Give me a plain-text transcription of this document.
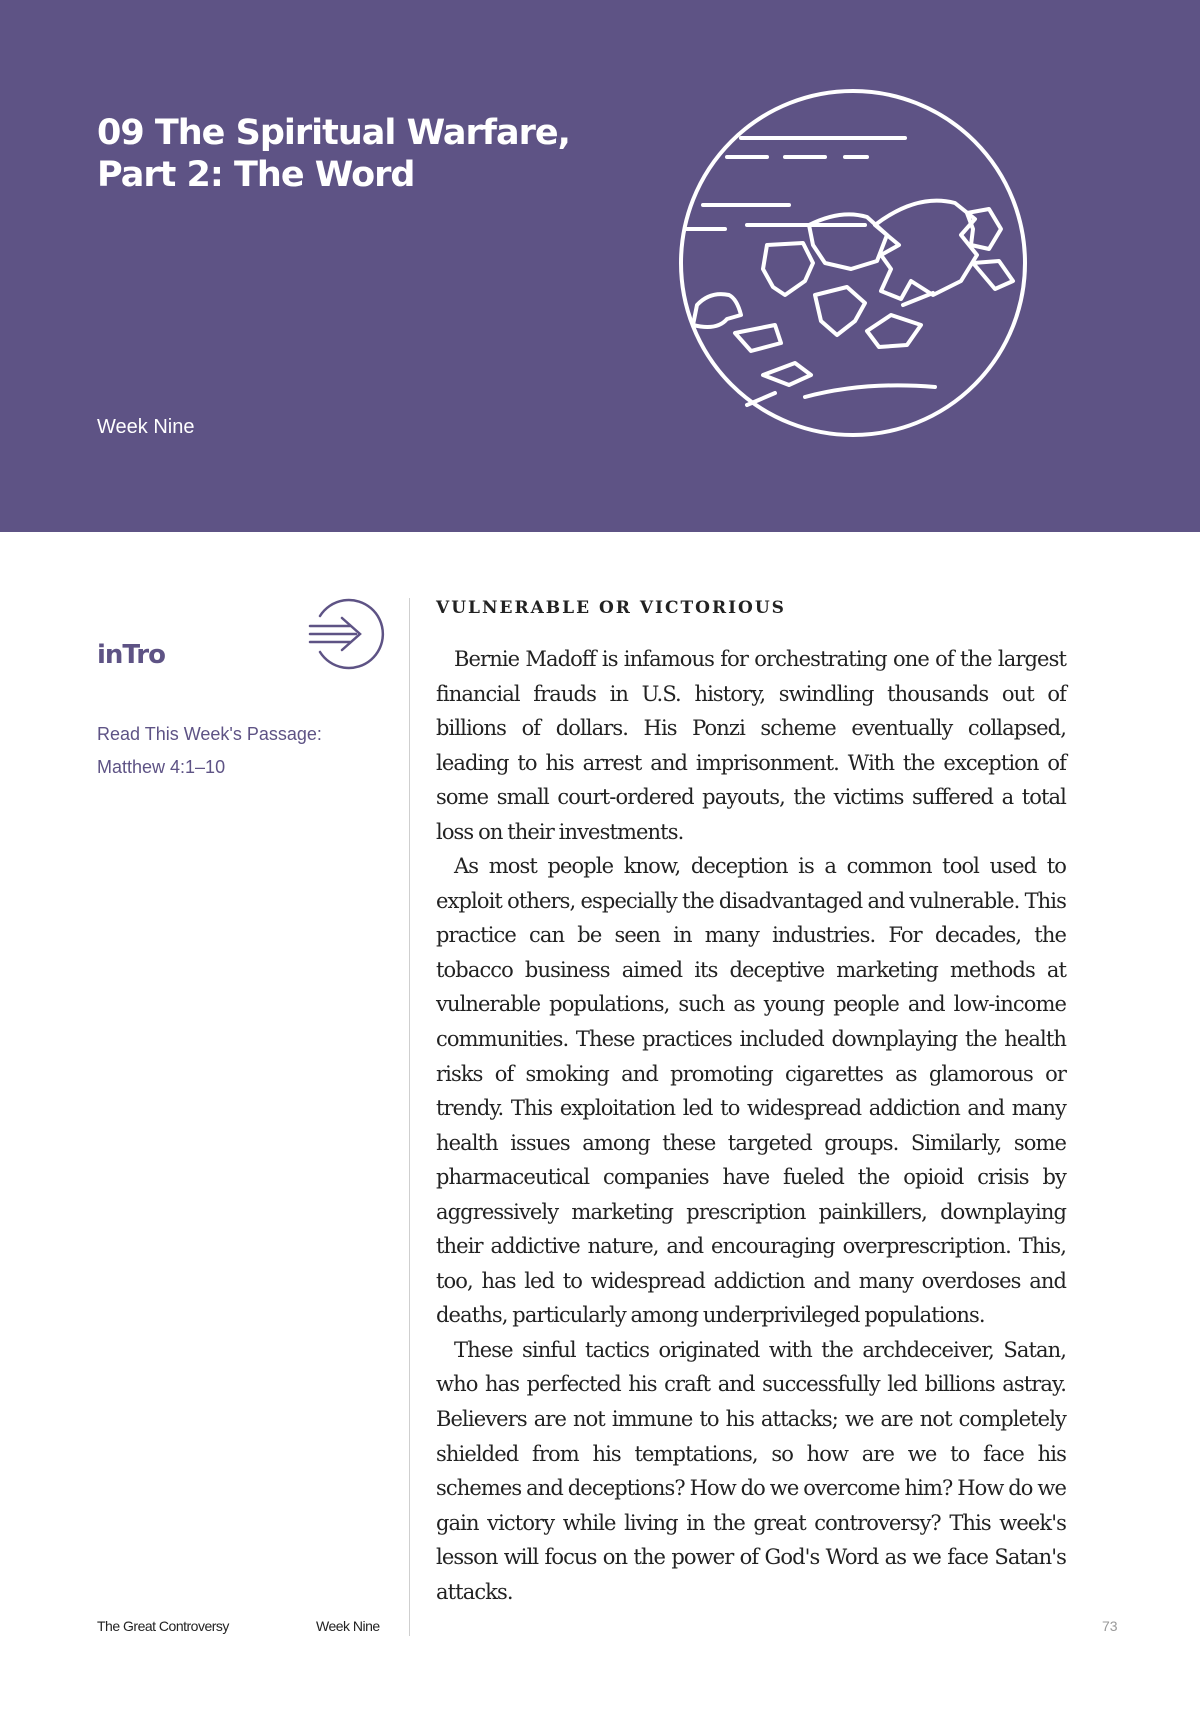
09 The Spiritual Warfare,
Part 2: The Word
Week Nine
inTro
Read This Week's Passage:
Matthew 4:1–10
VULNERABLE OR VICTORIOUS

Bernie Madoff is infamous for orchestrating one of the largest financial frauds in U.S. history, swindling thousands out of billions of dollars. His Ponzi scheme eventually collapsed, leading to his arrest and imprisonment. With the exception of some small court-ordered payouts, the victims suffered a total loss on their investments.

As most people know, deception is a common tool used to exploit others, especially the disadvantaged and vulnerable. This practice can be seen in many industries. For decades, the tobacco business aimed its deceptive marketing methods at vulnerable populations, such as young people and low-income communities. These practices included downplaying the health risks of smoking and promoting cigarettes as glamorous or trendy. This exploitation led to widespread addiction and many health issues among these targeted groups. Similarly, some pharmaceutical companies have fueled the opioid crisis by aggressively marketing prescription painkillers, downplaying their addictive nature, and encouraging overprescription. This, too, has led to widespread addiction and many overdoses and deaths, particularly among underprivileged populations.

These sinful tactics originated with the archdeceiver, Satan, who has perfected his craft and successfully led billions astray. Believers are not immune to his attacks; we are not completely shielded from his temptations, so how are we to face his schemes and deceptions? How do we overcome him? How do we gain victory while living in the great controversy? This week's lesson will focus on the power of God's Word as we face Satan's attacks.

The Great Controversy	Week Nine	73
